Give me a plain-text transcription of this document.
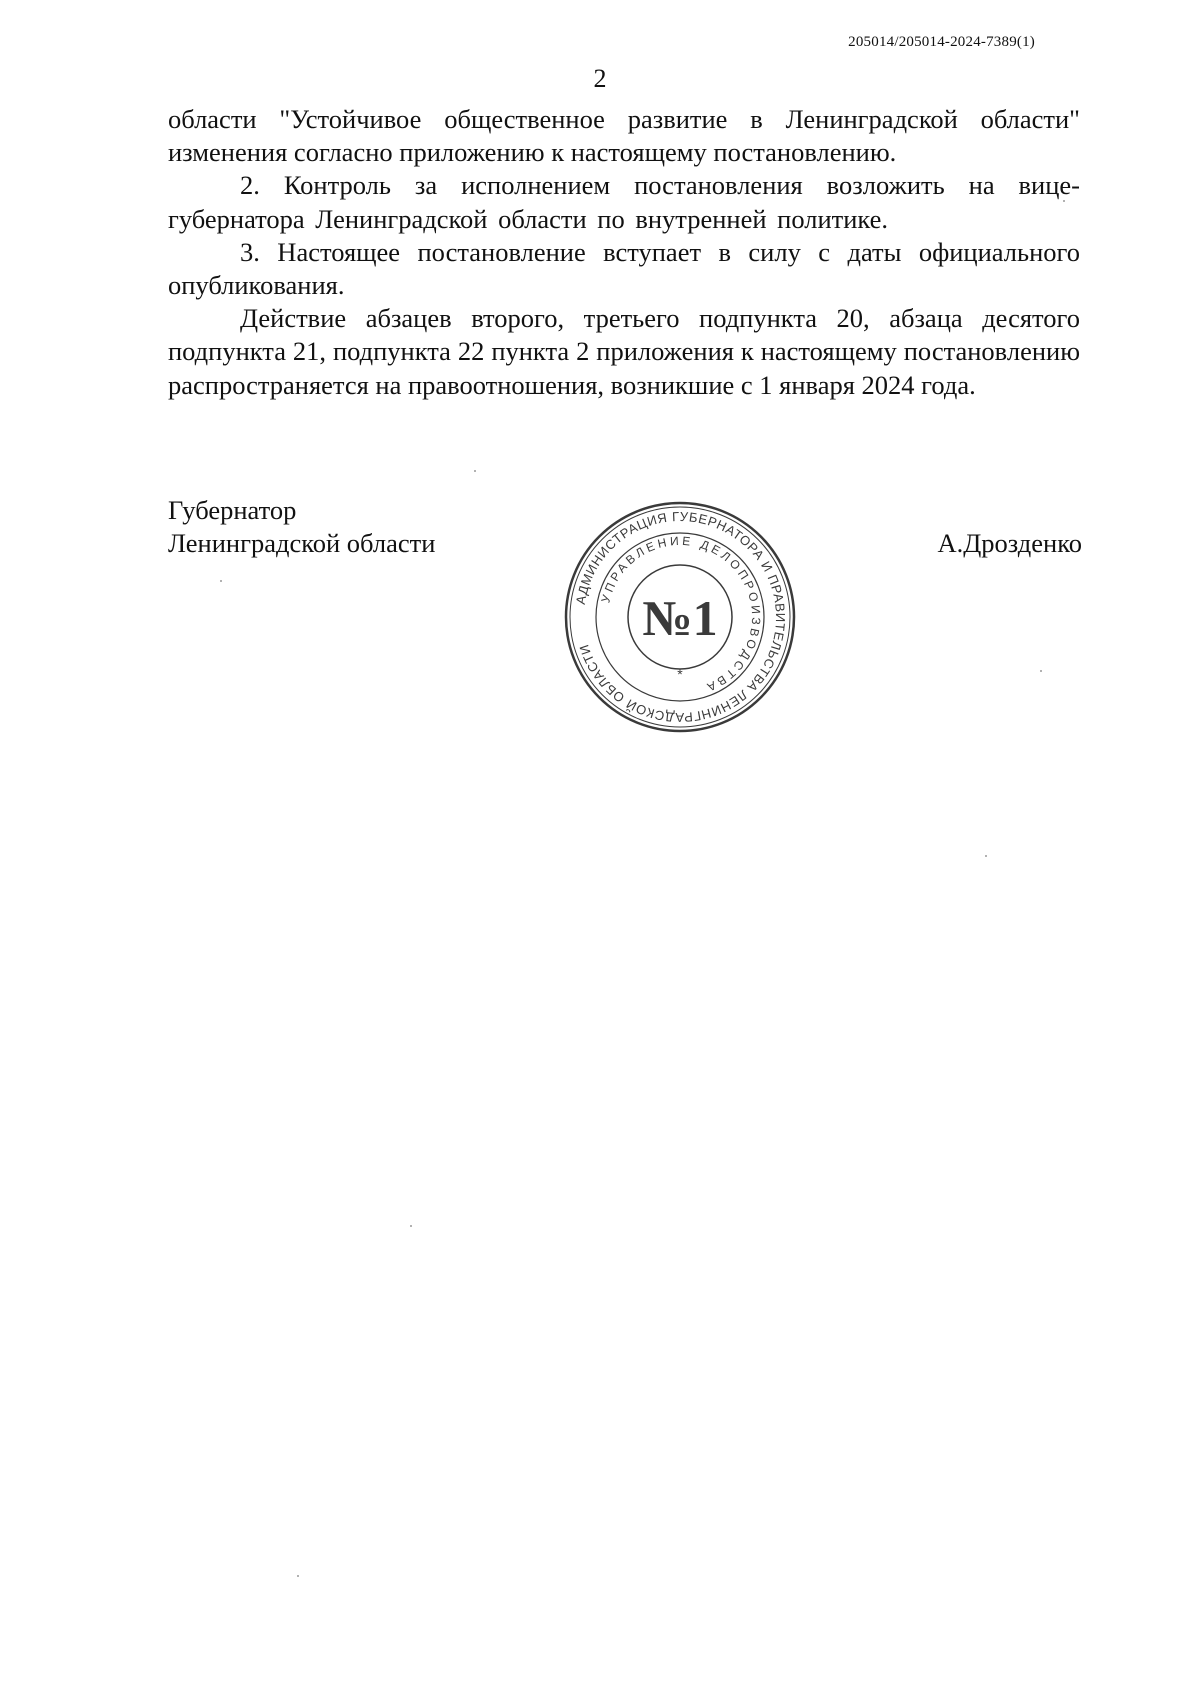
205014/205014-2024-7389(1)
2

области "Устойчивое общественное развитие в Ленинградской области" изменения согласно приложению к настоящему постановлению.

2. Контроль за исполнением постановления возложить на вице-губернатора Ленинградской области по внутренней политике.

3. Настоящее постановление вступает в силу с даты официального опубликования.

Действие абзацев второго, третьего подпункта 20, абзаца десятого подпункта 21, подпункта 22 пункта 2 приложения к настоящему постановлению распространяется на правоотношения, возникшие с 1 января 2024 года.

Губернатор
Ленинградской области	А.Дрозденко
АДМИНИСТРАЦИЯ ГУБЕРНАТОРА И ПРАВИТЕЛЬСТВА ЛЕНИНГРАДСКОЙ ОБЛАСТИ
УПРАВЛЕНИЕ ДЕЛОПРОИЗВОДСТВА
№1
*
